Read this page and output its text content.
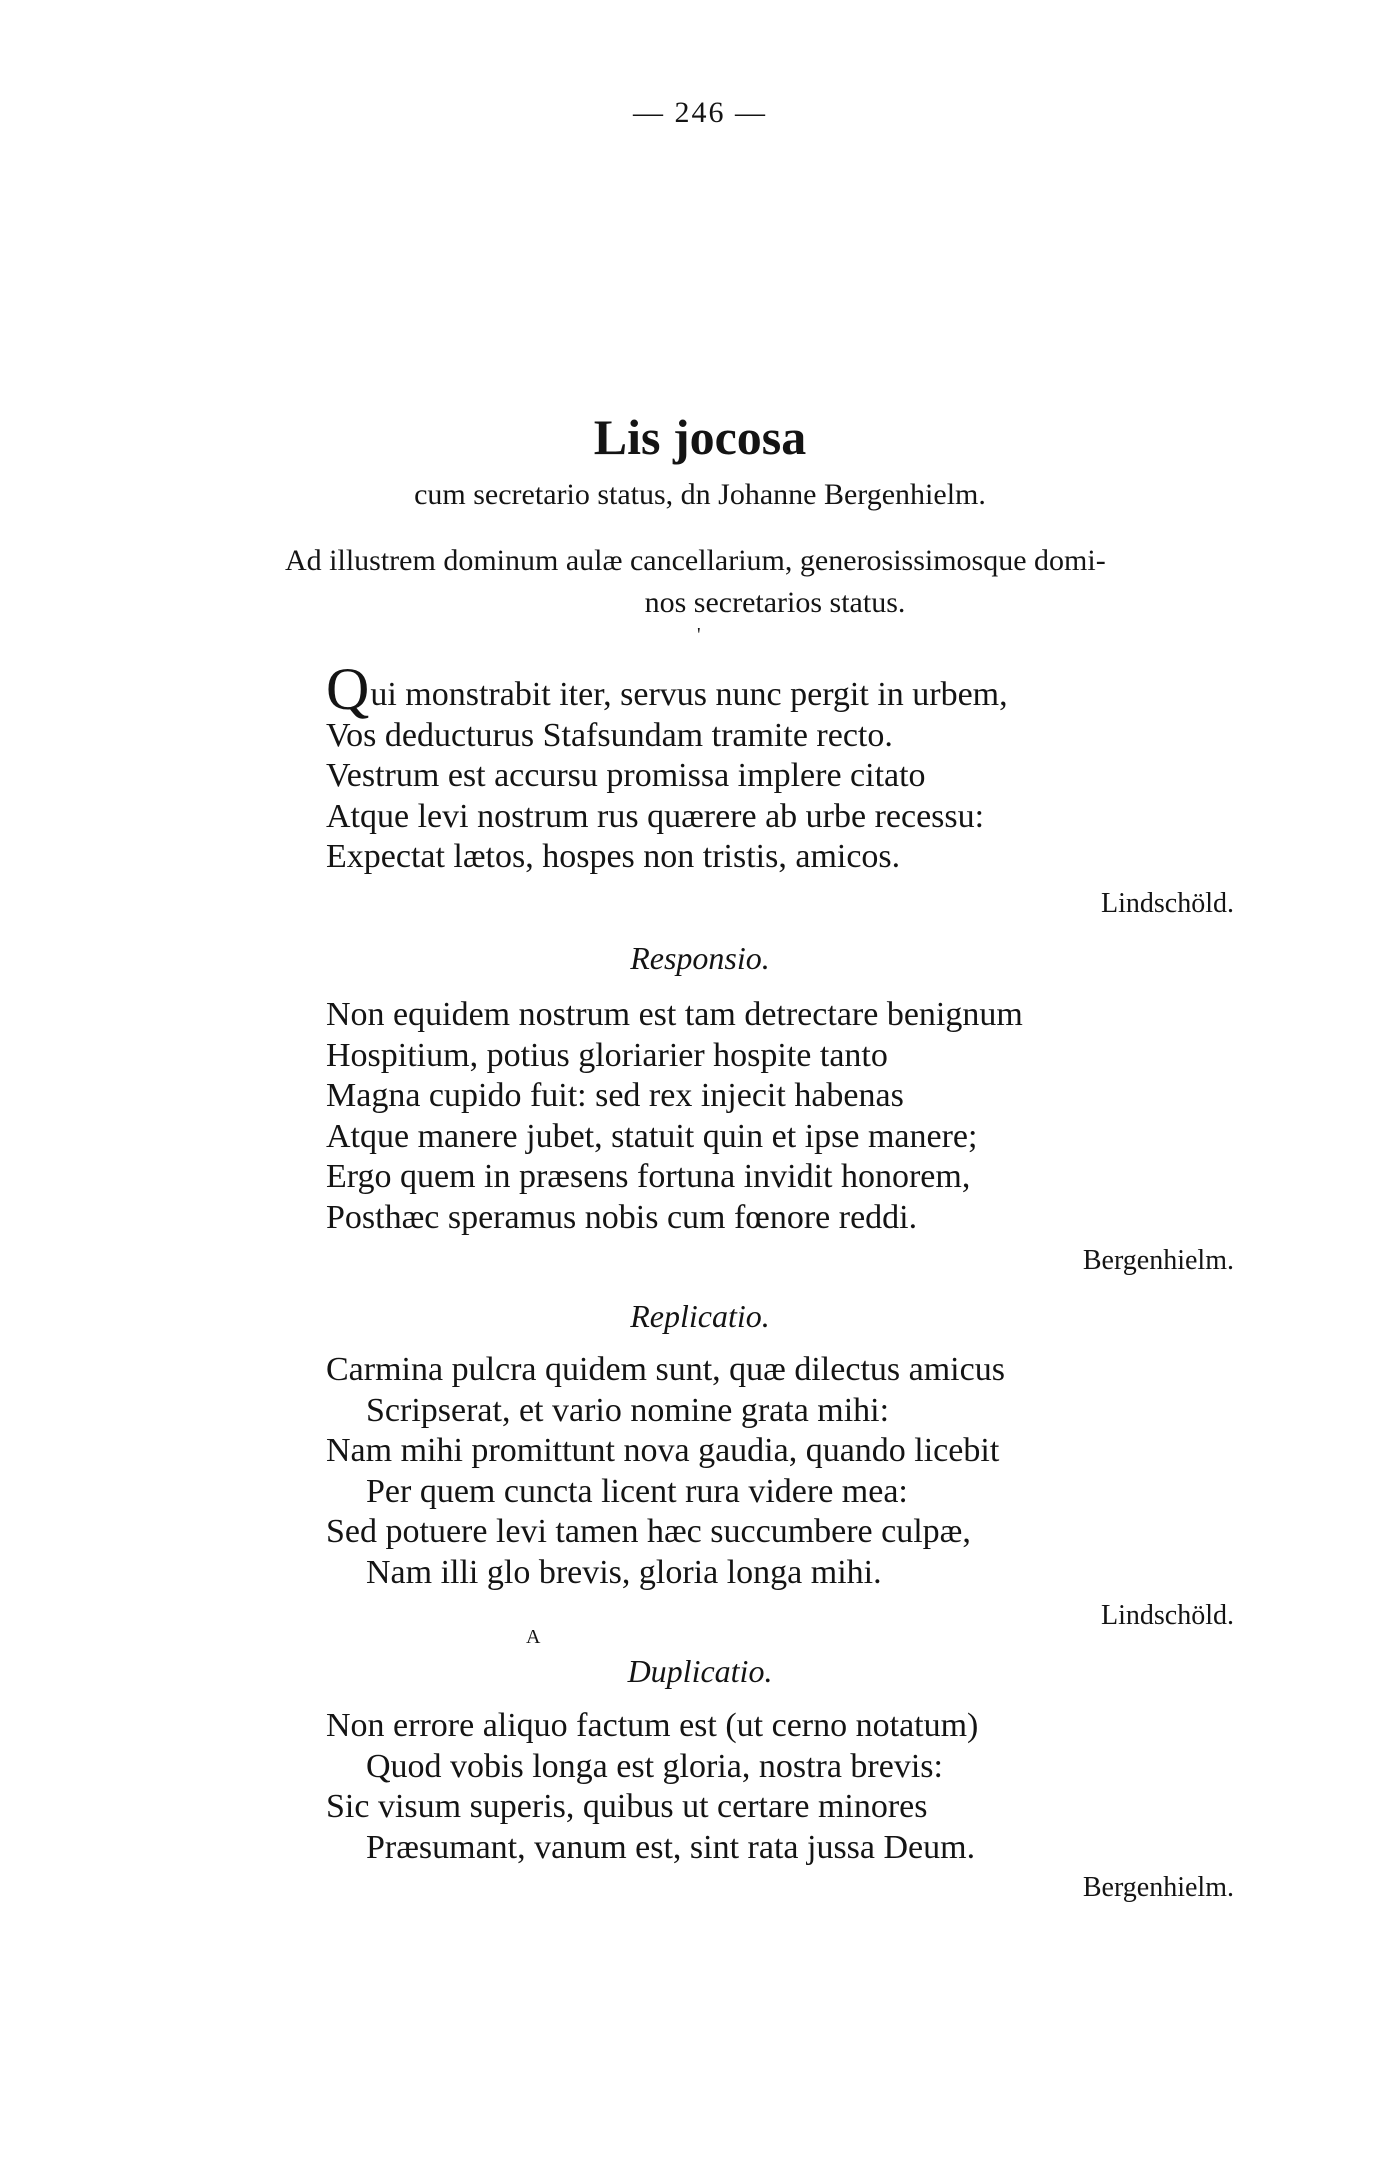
— 246 —
Lis jocosa
cum secretario status, dn Johanne Bergenhielm.
Ad illustrem dominum aulæ cancellarium, generosissimosque domi-
nos secretarios status.
'
Qui monstrabit iter, servus nunc pergit in urbem,
Vos deducturus Stafsundam tramite recto.
Vestrum est accursu promissa implere citato
Atque levi nostrum rus quærere ab urbe recessu:
Expectat lætos, hospes non tristis, amicos.
Lindschöld.
Responsio.
Non equidem nostrum est tam detrectare benignum
Hospitium, potius gloriarier hospite tanto
Magna cupido fuit: sed rex injecit habenas
Atque manere jubet, statuit quin et ipse manere;
Ergo quem in præsens fortuna invidit honorem,
Posthæc speramus nobis cum fœnore reddi.
Bergenhielm.
Replicatio.
Carmina pulcra quidem sunt, quæ dilectus amicus
Scripserat, et vario nomine grata mihi:
Nam mihi promittunt nova gaudia, quando licebit
Per quem cuncta licent rura videre mea:
Sed potuere levi tamen hæc succumbere culpæ,
Nam illi glo brevis, gloria longa mihi.
Lindschöld.
A
Duplicatio.
Non errore aliquo factum est (ut cerno notatum)
Quod vobis longa est gloria, nostra brevis:
Sic visum superis, quibus ut certare minores
Præsumant, vanum est, sint rata jussa Deum.
Bergenhielm.
